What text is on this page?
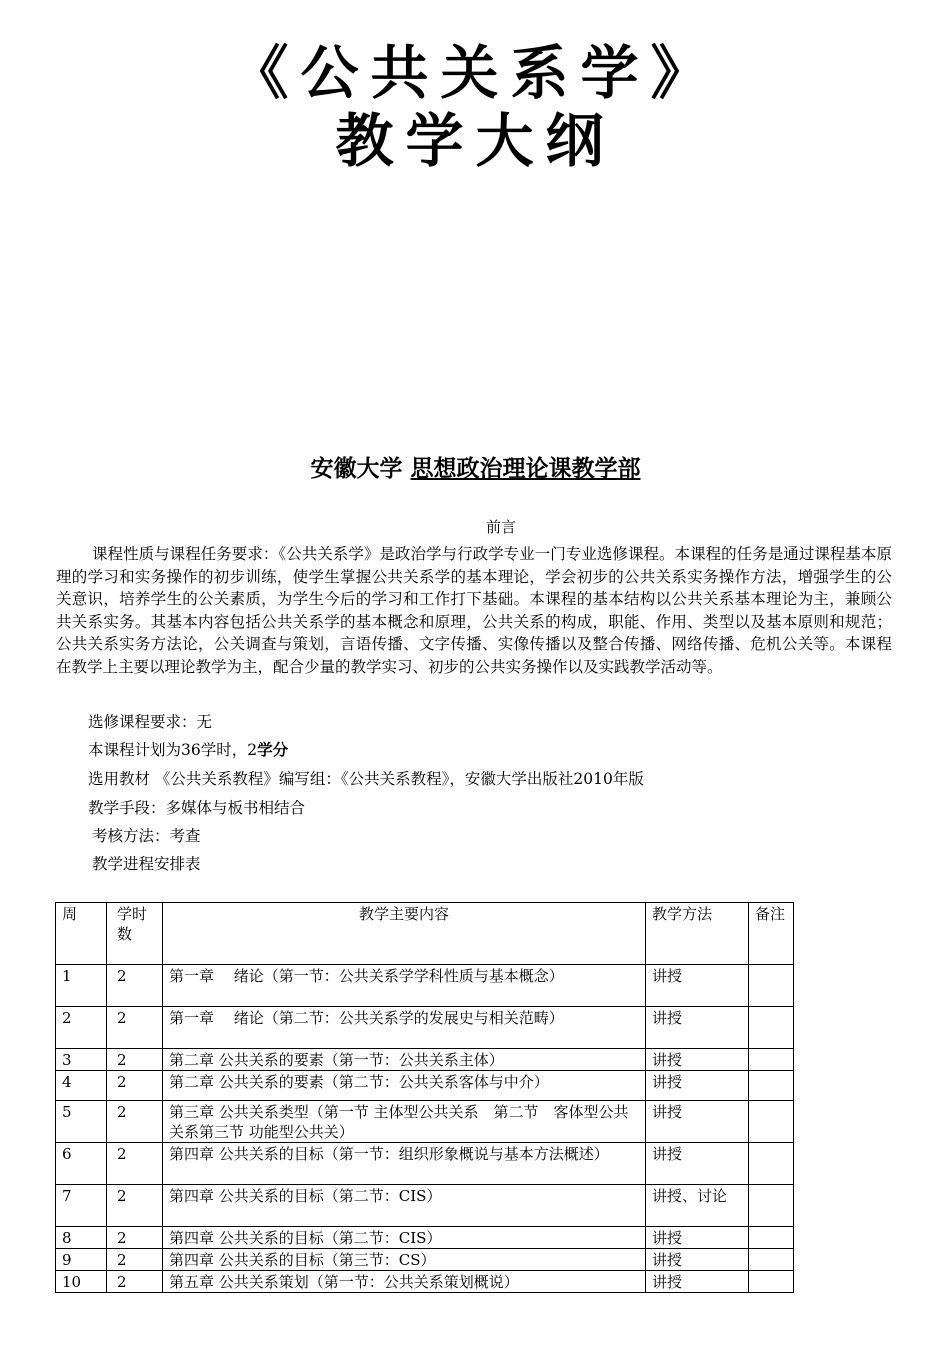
《公共关系学》
教学大纲
安徽大学 思想政治理论课教学部
前言
课程性质与课程任务要求：《公共关系学》是政治学与行政学专业一门专业选修课程。本课程的任务是通过课程基本原理的学习和实务操作的初步训练，使学生掌握公共关系学的基本理论，学会初步的公共关系实务操作方法，增强学生的公关意识，培养学生的公关素质，为学生今后的学习和工作打下基础。本课程的基本结构以公共关系基本理论为主，兼顾公共关系实务。其基本内容包括公共关系学的基本概念和原理，公共关系的构成，职能、作用、类型以及基本原则和规范；公共关系实务方法论，公关调查与策划，言语传播、文字传播、实像传播以及整合传播、网络传播、危机公关等。本课程在教学上主要以理论教学为主，配合少量的教学实习、初步的公共实务操作以及实践教学活动等。
选修课程要求：无
本课程计划为36学时，2学分
选用教材 《公共关系教程》编写组：《公共关系教程》，安徽大学出版社2010年版
教学手段：多媒体与板书相结合
考核方法：考查
教学进程安排表
周	学时数	教学主要内容	教学方法	备注
1	2	第一章　 绪论（第一节：公共关系学学科性质与基本概念）	讲授	
2	2	第一章　 绪论（第二节：公共关系学的发展史与相关范畴）	讲授	
3	2	第二章 公共关系的要素（第一节：公共关系主体）	讲授	
4	2	第二章 公共关系的要素（第二节：公共关系客体与中介）	讲授	
5	2	第三章 公共关系类型（第一节 主体型公共关系　第二节　客体型公共关系第三节 功能型公共关）	讲授	
6	2	第四章 公共关系的目标（第一节：组织形象概说与基本方法概述）	讲授	
7	2	第四章 公共关系的目标（第二节：CIS）	讲授、讨论	
8	2	第四章 公共关系的目标（第二节：CIS）	讲授	
9	2	第四章 公共关系的目标（第三节：CS）	讲授	
10	2	第五章 公共关系策划（第一节：公共关系策划概说）	讲授	
